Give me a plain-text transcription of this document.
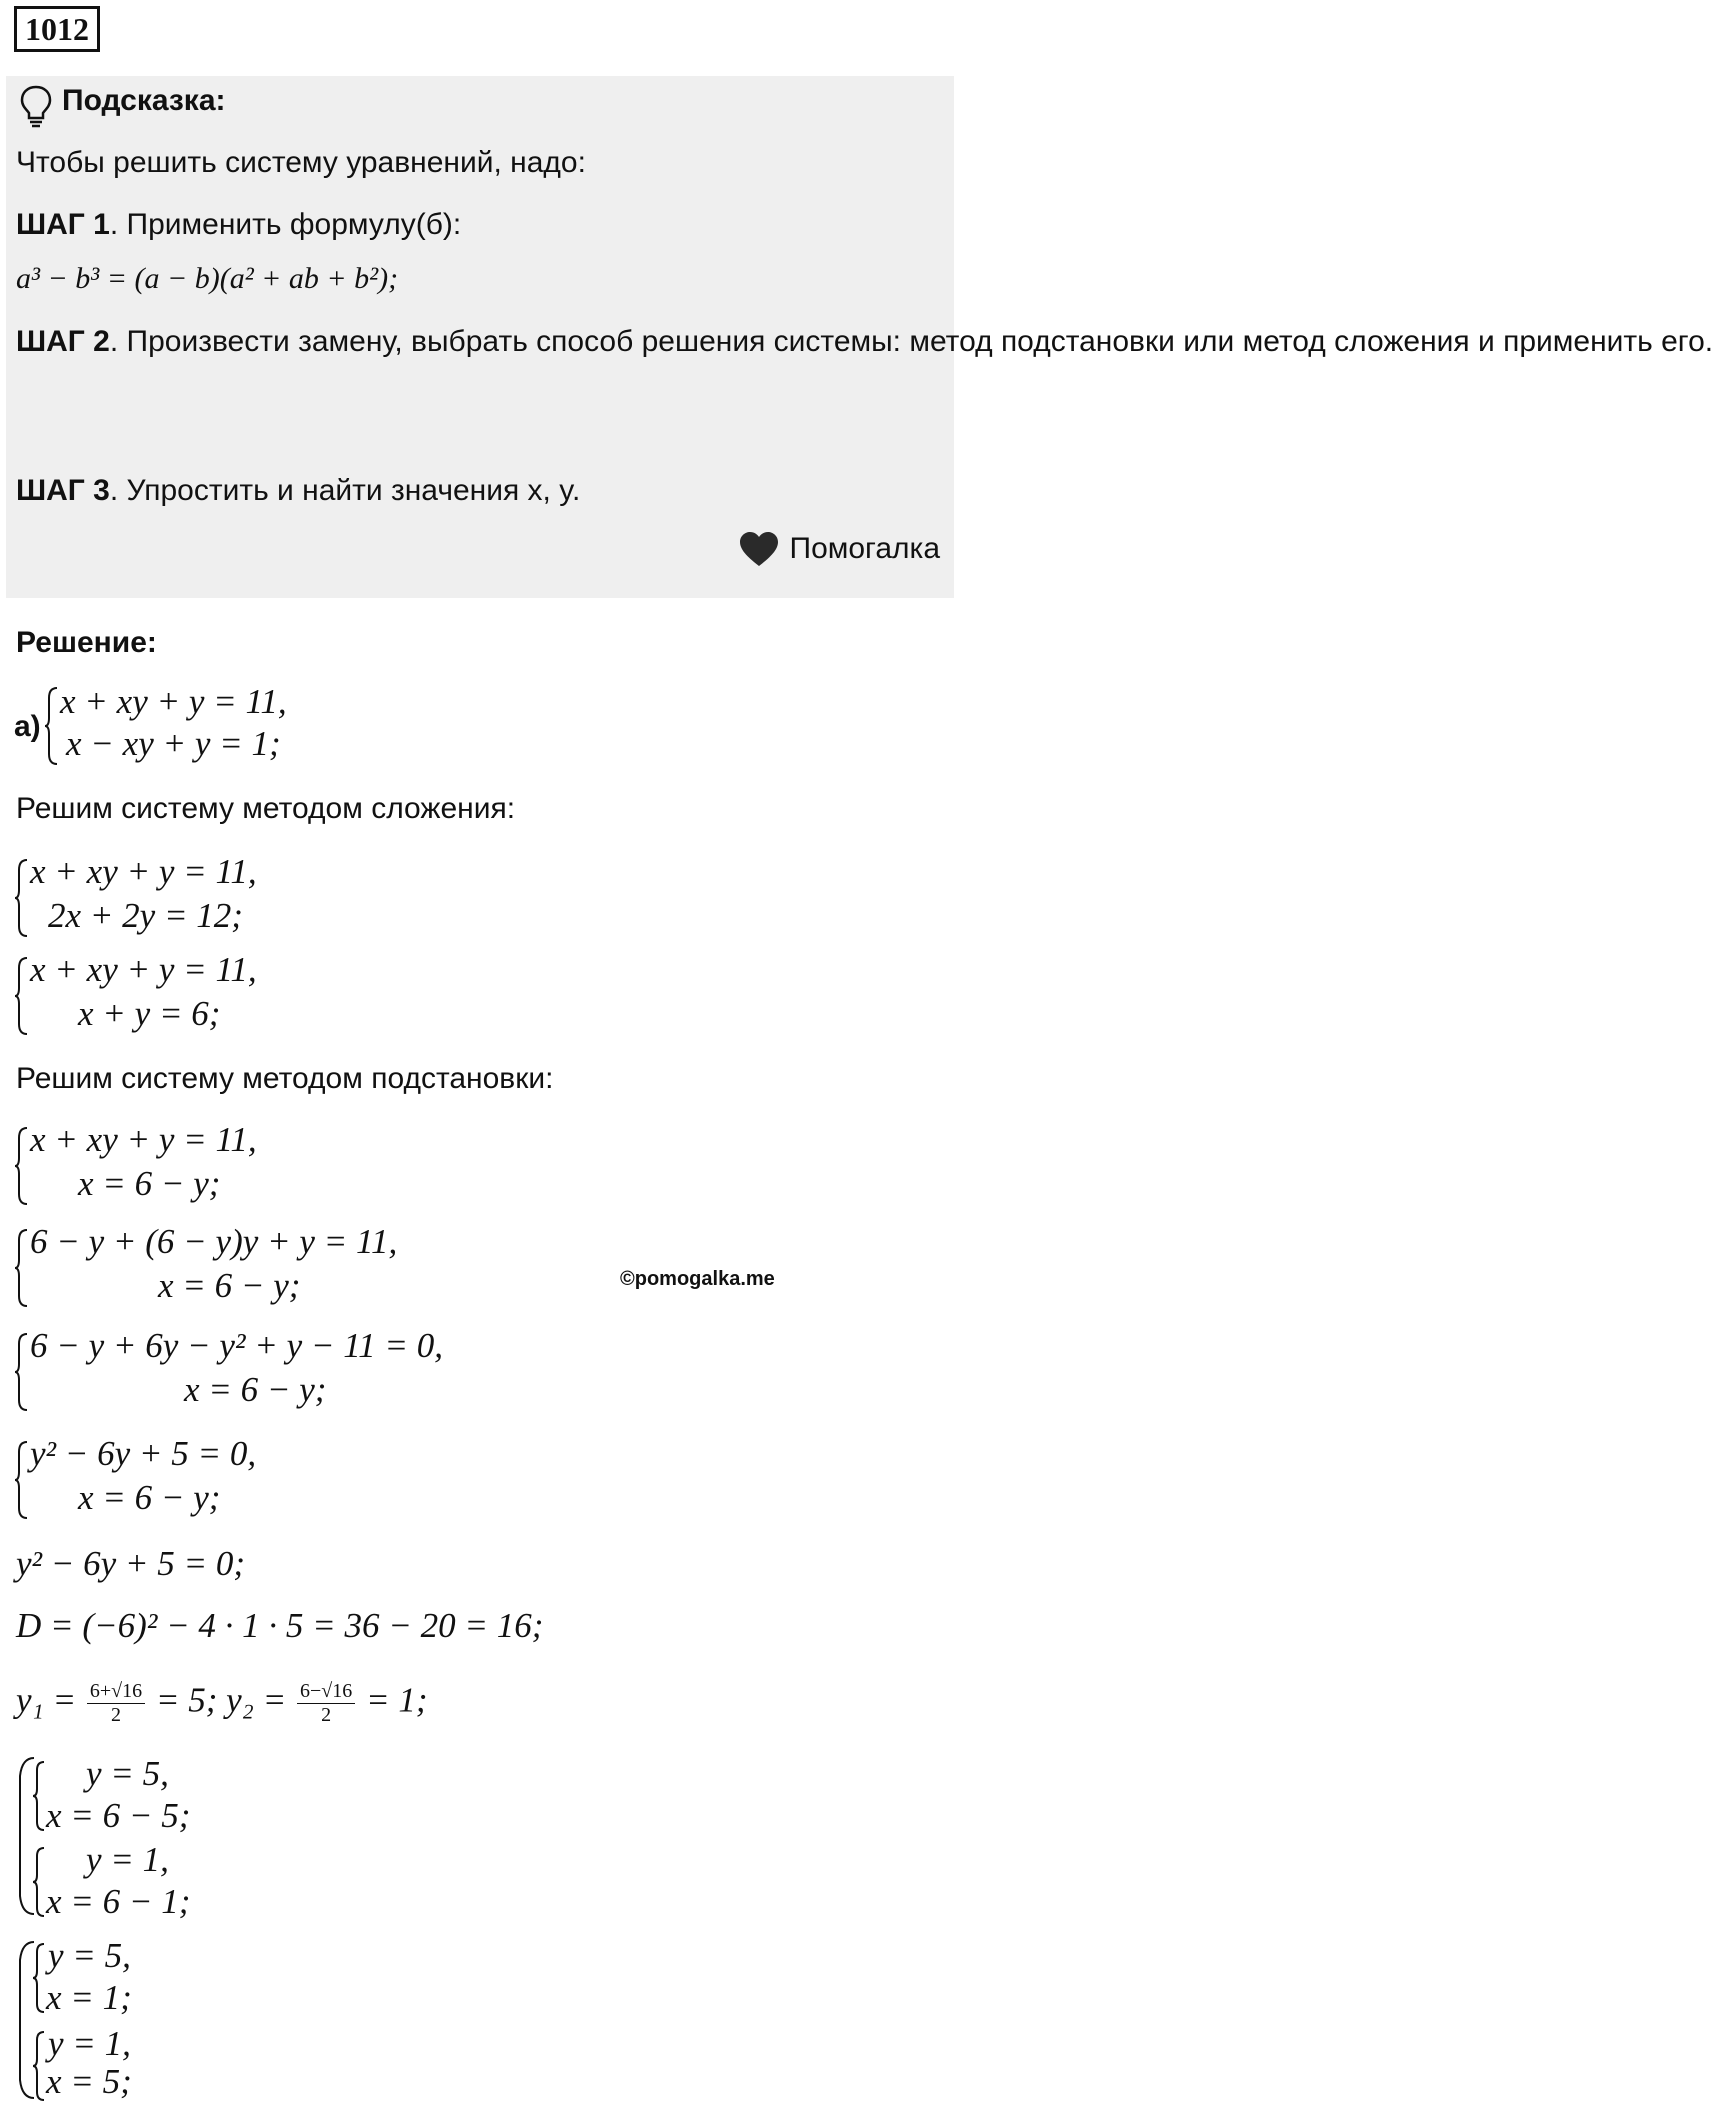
1012
Подсказка:
Чтобы решить систему уравнений, надо:
ШАГ 1. Применить формулу(б):
a³ − b³ = (a − b)(a² + ab + b²);
ШАГ 2. Произвести замену, выбрать способ решения системы: метод подстановки или метод сложения и применить его.
ШАГ 3. Упростить и найти значения x, y.
Помогалка
Решение:
а)
x + xy + y = 11,
x − xy + y = 1;
Решим систему методом сложения:
x + xy + y = 11,
2x + 2y = 12;
x + xy + y = 11,
x + y = 6;
Решим систему методом подстановки:
x + xy + y = 11,
x = 6 − y;
6 − y + (6 − y)y + y = 11,
x = 6 − y;	©pomogalka.me
6 − y + 6y − y² + y − 11 = 0,
x = 6 − y;
y² − 6y + 5 = 0,
x = 6 − y;
y² − 6y + 5 = 0;
D = (−6)² − 4 · 1 · 5 = 36 − 20 = 16;
$y_1 = \frac{6+√16}{2} = 5$; $y_2 = \frac{6-√16}{2} = 1$;
y = 5,
x = 6 − 5;
y = 1,
x = 6 − 1;
y = 5,
x = 1;
y = 1,
x = 5;
